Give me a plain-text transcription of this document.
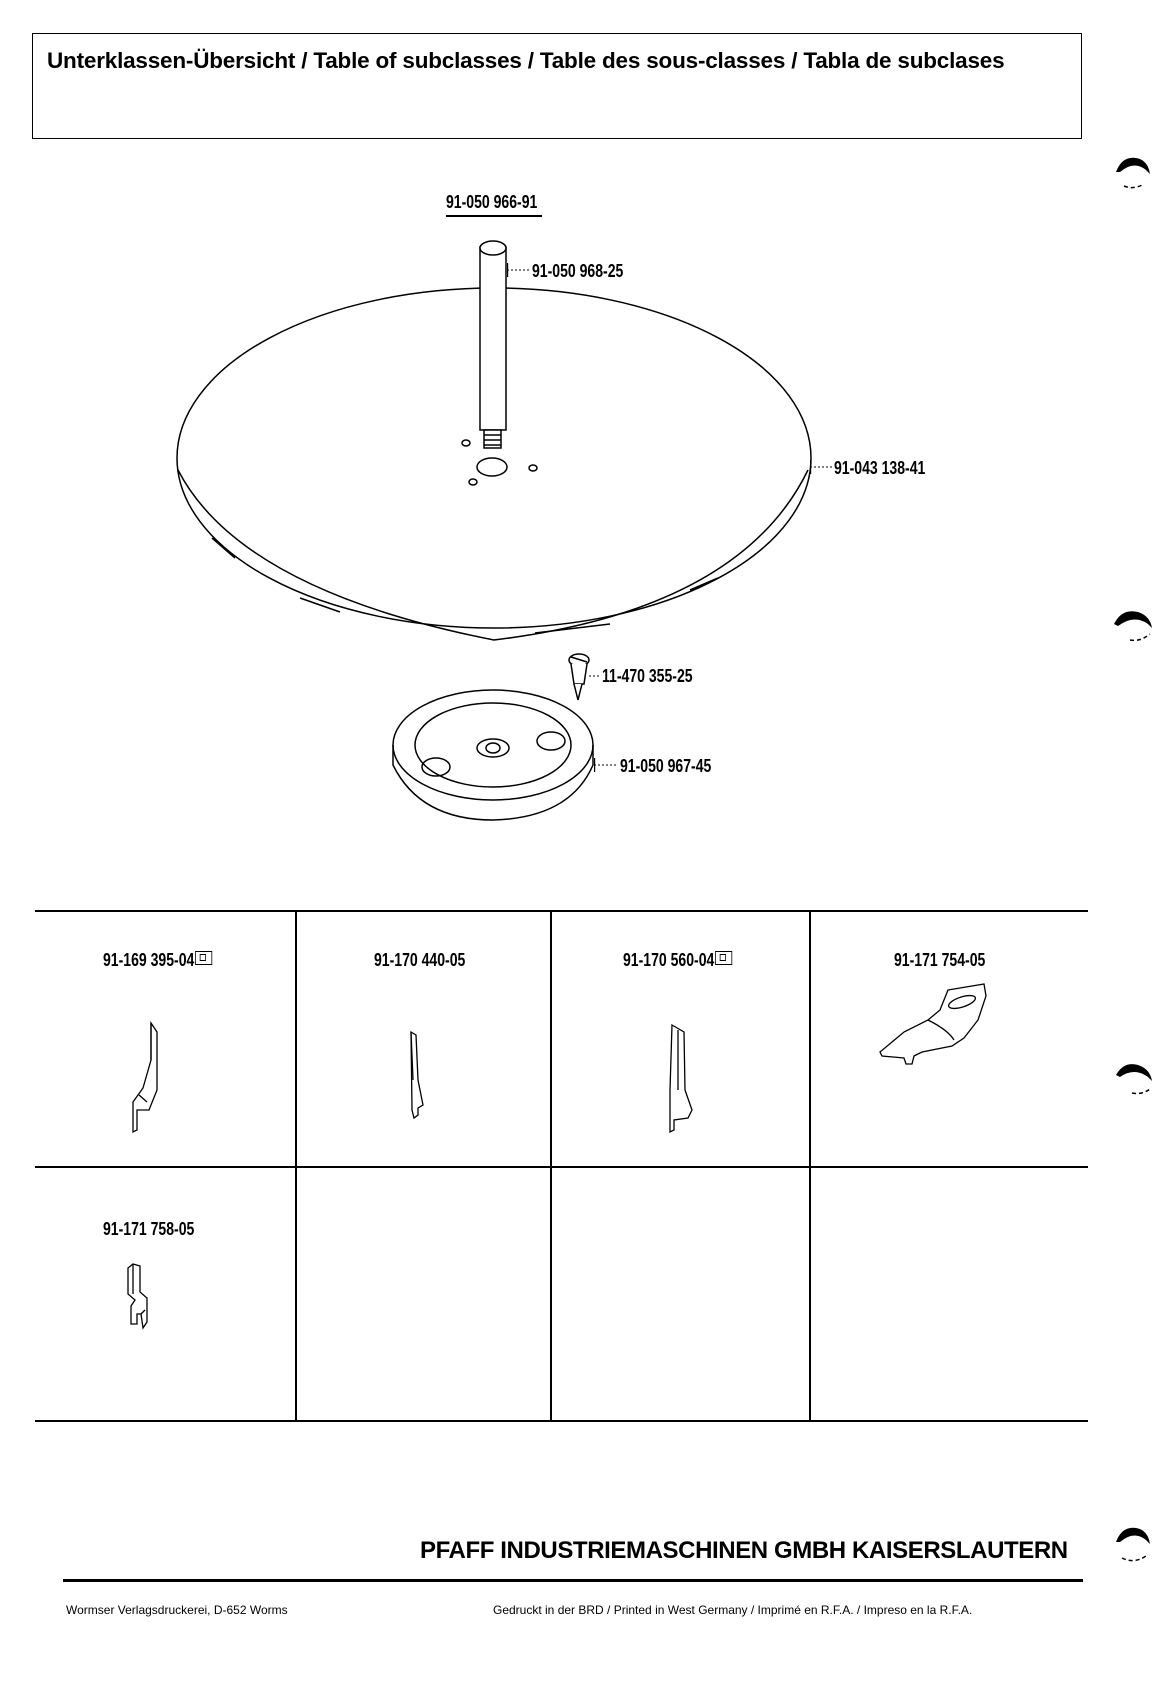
Unterklassen-Übersicht / Table of subclasses / Table des sous-classes / Tabla de subclases
91-050 966-91
91-050 968-25
91-043 138-41
11-470 355-25
91-050 967-45
91-169 395-04	91-170 440-05	91-170 560-04	91-171 754-05
91-171 758-05
PFAFF INDUSTRIEMASCHINEN GMBH KAISERSLAUTERN
Wormser Verlagsdruckerei, D-652 Worms	Gedruckt in der BRD / Printed in West Germany / Imprimé en R.F.A. / Impreso en la R.F.A.
